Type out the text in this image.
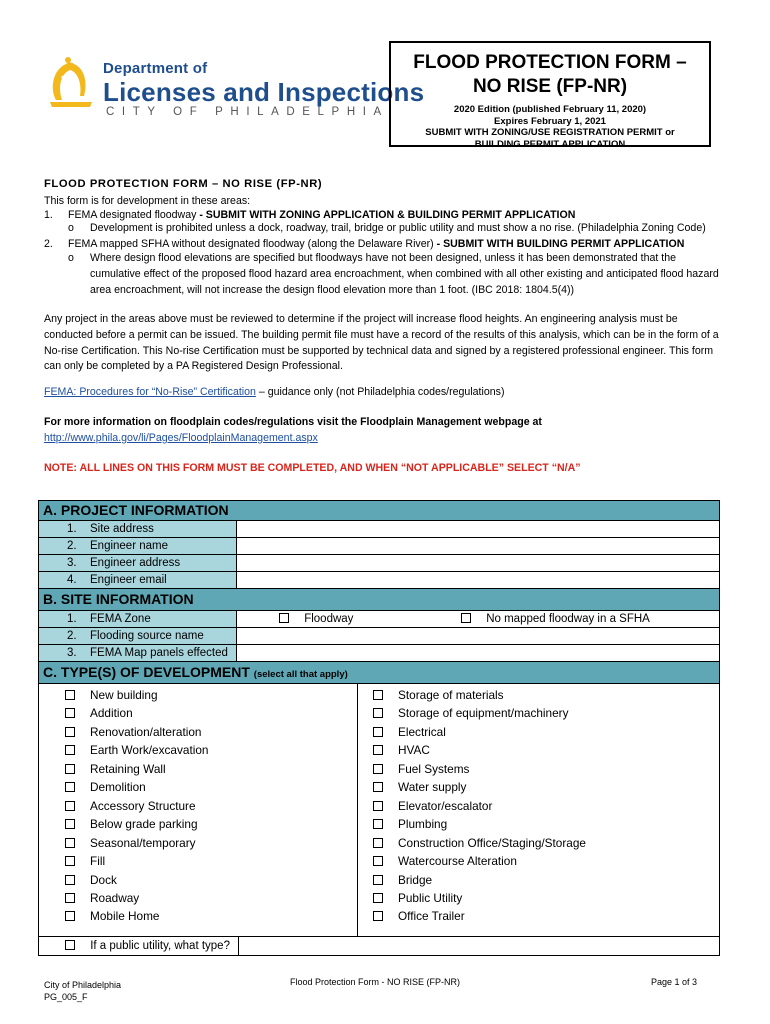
Department of
Licenses and Inspections
CITY OF PHILADELPHIA
FLOOD PROTECTION FORM –
NO RISE (FP-NR)
2020 Edition (published February 11, 2020)
Expires February 1, 2021
SUBMIT WITH ZONING/USE REGISTRATION PERMIT or
BUILDING PERMIT APPLICATION
FLOOD PROTECTION FORM – NO RISE (FP-NR)
This form is for development in these areas:
1. FEMA designated floodway - SUBMIT WITH ZONING APPLICATION & BUILDING PERMIT APPLICATION
o Development is prohibited unless a dock, roadway, trail, bridge or public utility and must show a no rise. (Philadelphia Zoning Code)
2. FEMA mapped SFHA without designated floodway (along the Delaware River) - SUBMIT WITH BUILDING PERMIT APPLICATION
o Where design flood elevations are specified but floodways have not been designed, unless it has been demonstrated that the
cumulative effect of the proposed flood hazard area encroachment, when combined with all other existing and anticipated flood hazard
area encroachment, will not increase the design flood elevation more than 1 foot. (IBC 2018: 1804.5(4))
Any project in the areas above must be reviewed to determine if the project will increase flood heights. An engineering analysis must be
conducted before a permit can be issued. The building permit file must have a record of the results of this analysis, which can be in the form of a
No-rise Certification. This No-rise Certification must be supported by technical data and signed by a registered professional engineer. This form
can only be completed by a PA Registered Design Professional.
FEMA: Procedures for “No-Rise” Certification – guidance only (not Philadelphia codes/regulations)
For more information on floodplain codes/regulations visit the Floodplain Management webpage at
http://www.phila.gov/li/Pages/FloodplainManagement.aspx
NOTE: ALL LINES ON THIS FORM MUST BE COMPLETED, AND WHEN “NOT APPLICABLE” SELECT “N/A”
A. PROJECT INFORMATION
1. Site address
2. Engineer name
3. Engineer address
4. Engineer email
B. SITE INFORMATION
1. FEMA Zone	Floodway	No mapped floodway in a SFHA
2. Flooding source name
3. FEMA Map panels effected
C. TYPE(S) OF DEVELOPMENT (select all that apply)
New building
Addition
Renovation/alteration
Earth Work/excavation
Retaining Wall
Demolition
Accessory Structure
Below grade parking
Seasonal/temporary
Fill
Dock
Roadway
Mobile Home
Storage of materials
Storage of equipment/machinery
Electrical
HVAC
Fuel Systems
Water supply
Elevator/escalator
Plumbing
Construction Office/Staging/Storage
Watercourse Alteration
Bridge
Public Utility
Office Trailer
If a public utility, what type?
City of Philadelphia
PG_005_F
Flood Protection Form - NO RISE (FP-NR)	Page 1 of 3
